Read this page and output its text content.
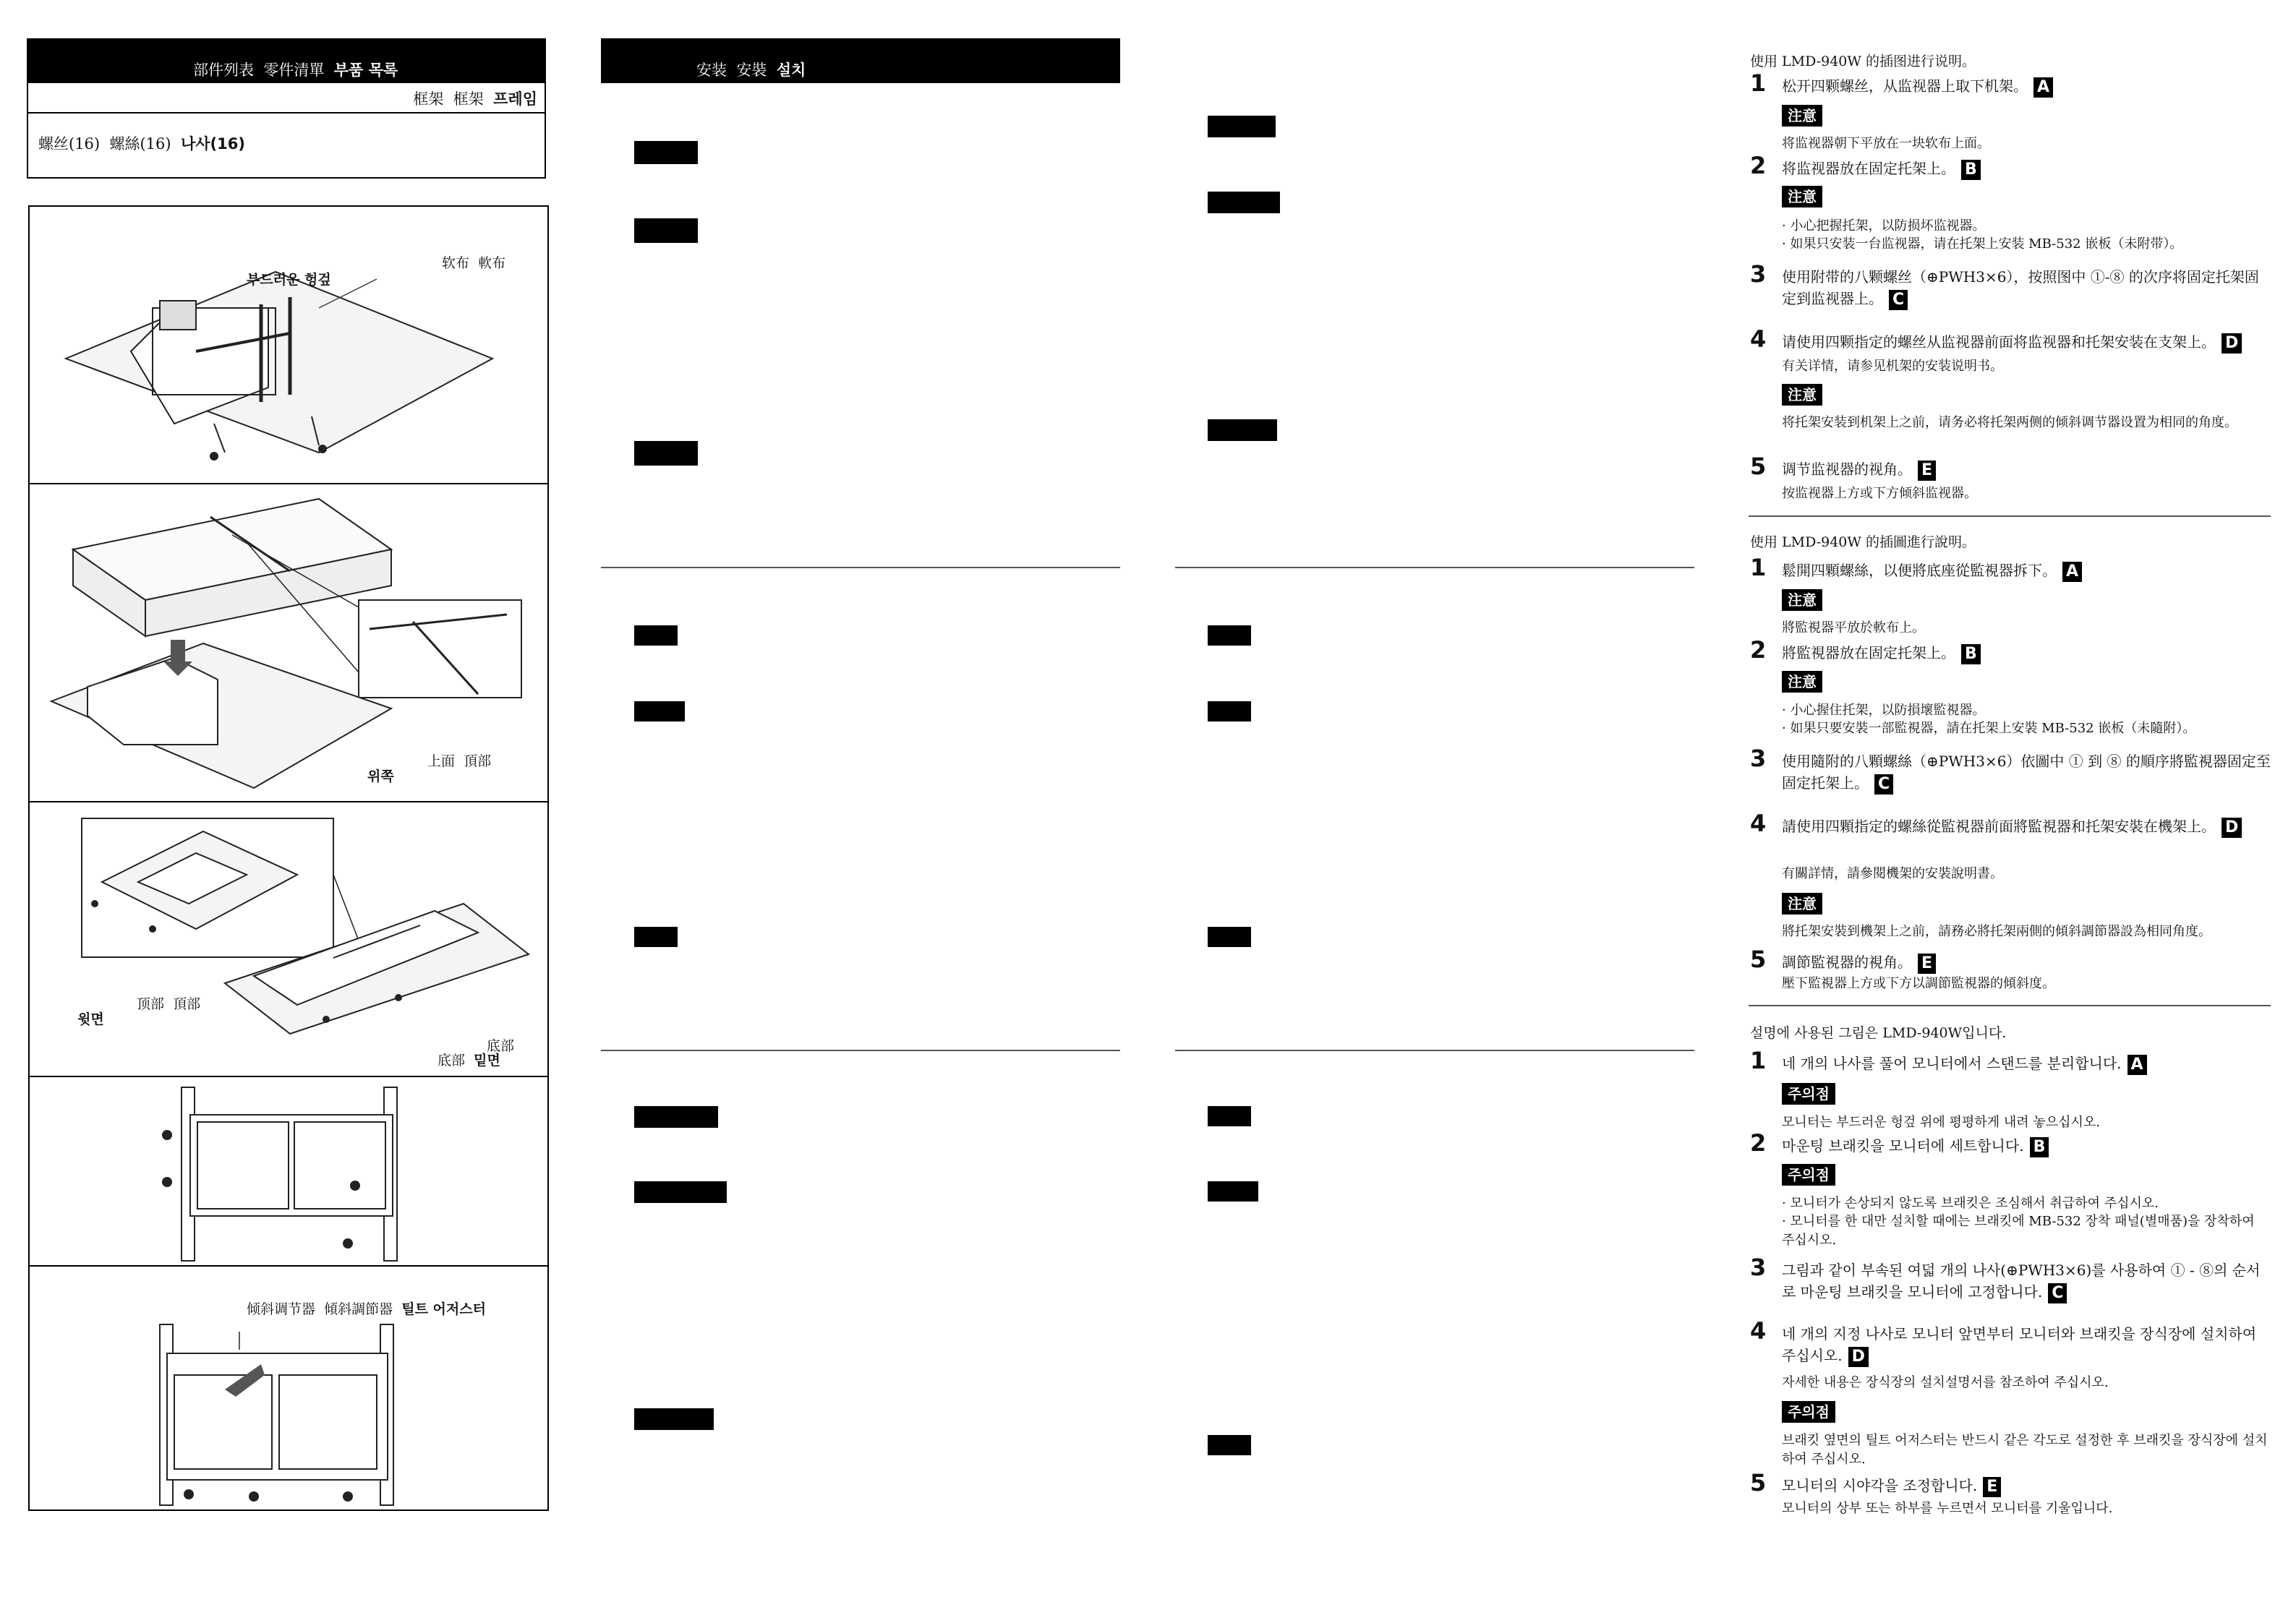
部件列表 零件清單 부품 목록
框架 框架 프레임
螺丝(16) 螺絲(16) 나사(16)
부드러운 헝겊
软布 軟布
上面 頂部
위쪽
顶部 頂部
윗면
底部
底部 밑면
倾斜调节器 傾斜調節器 틸트 어저스터
安装 安裝 설치	使用 LMD-940W 的插图进行说明。
1 松开四颗螺丝，从监视器上取下机架。 A
注意
将监视器朝下平放在一块软布上面。
2 将监视器放在固定托架上。 B
注意
· 小心把握托架，以防损坏监视器。
· 如果只安装一台监视器，请在托架上安装 MB-532 嵌板（未附带）。
3 使用附带的八颗螺丝（⊕PWH3×6），按照图中 ①-⑧ 的次序将固定托架固定到监视器上。 C
4 请使用四颗指定的螺丝从监视器前面将监视器和托架安装在支架上。 D
有关详情，请参见机架的安装说明书。
注意
将托架安装到机架上之前，请务必将托架两侧的倾斜调节器设置为相同的角度。
5 调节监视器的视角。 E
按监视器上方或下方倾斜监视器。
使用 LMD-940W 的插圖進行說明。
1 鬆開四顆螺絲，以便將底座從監視器拆下。 A
注意
將監視器平放於軟布上。
2 將監視器放在固定托架上。 B
注意
· 小心握住托架，以防損壞監視器。
· 如果只要安裝一部監視器，請在托架上安裝 MB-532 嵌板（未隨附）。
3 使用隨附的八顆螺絲（⊕PWH3×6）依圖中 ① 到 ⑧ 的順序將監視器固定至固定托架上。 C
4 請使用四顆指定的螺絲從監視器前面將監視器和托架安裝在機架上。 D
有關詳情，請參閱機架的安裝說明書。
注意
將托架安裝到機架上之前，請務必將托架兩側的傾斜調節器設為相同角度。
5 調節監視器的視角。 E
壓下監視器上方或下方以調節監視器的傾斜度。
설명에 사용된 그림은 LMD-940W입니다.
1 네 개의 나사를 풀어 모니터에서 스탠드를 분리합니다. A
주의점
모니터는 부드러운 헝겊 위에 평평하게 내려 놓으십시오.
2 마운팅 브래킷을 모니터에 세트합니다. B
주의점
· 모니터가 손상되지 않도록 브래킷은 조심해서 취급하여 주십시오.
· 모니터를 한 대만 설치할 때에는 브래킷에 MB-532 장착 패널(별매품)을 장착하여 주십시오.
3 그림과 같이 부속된 여덟 개의 나사(⊕PWH3×6)를 사용하여 ① - ⑧의 순서로 마운팅 브래킷을 모니터에 고정합니다. C
4 네 개의 지정 나사로 모니터 앞면부터 모니터와 브래킷을 장식장에 설치하여 주십시오. D
자세한 내용은 장식장의 설치설명서를 참조하여 주십시오.
주의점
브래킷 옆면의 틸트 어저스터는 반드시 같은 각도로 설정한 후 브래킷을 장식장에 설치하여 주십시오.
5 모니터의 시야각을 조정합니다. E
모니터의 상부 또는 하부를 누르면서 모니터를 기울입니다.
